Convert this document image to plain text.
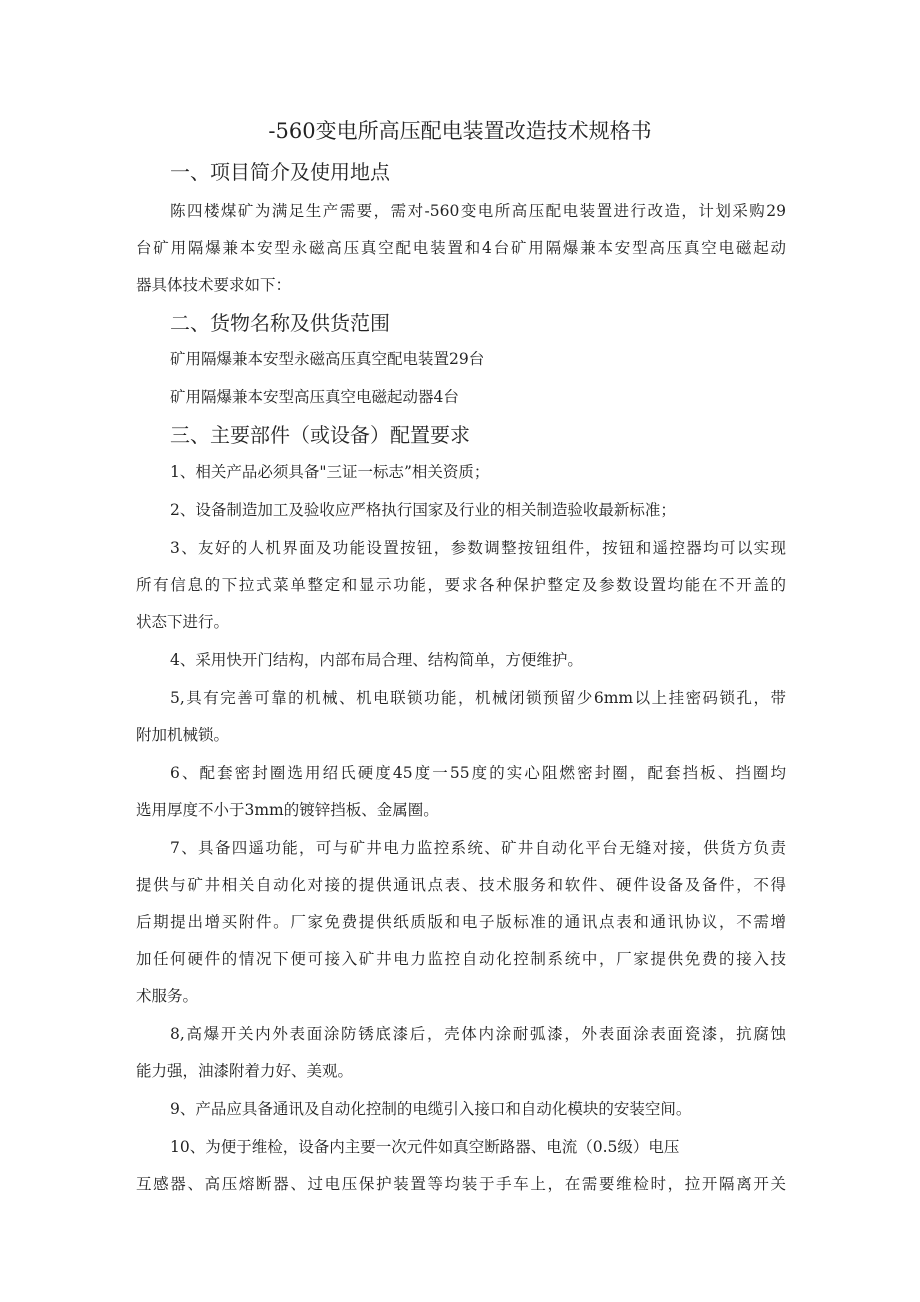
-560变电所高压配电装置改造技术规格书
一、项目简介及使用地点
陈四楼煤矿为满足生产需要，需对-560变电所高压配电装置进行改造，计划采购29
台矿用隔爆兼本安型永磁高压真空配电装置和4台矿用隔爆兼本安型高压真空电磁起动
器具体技术要求如下：
二、货物名称及供货范围
矿用隔爆兼本安型永磁高压真空配电装置29台
矿用隔爆兼本安型高压真空电磁起动器4台
三、主要部件（或设备）配置要求
1、相关产品必须具备"三证一标志”相关资质；
2、设备制造加工及验收应严格执行国家及行业的相关制造验收最新标准；
3、友好的人机界面及功能设置按钮，参数调整按钮组件，按钮和遥控器均可以实现
所有信息的下拉式菜单整定和显示功能，要求各种保护整定及参数设置均能在不开盖的
状态下进行。
4、采用快开门结构，内部布局合理、结构简单，方便维护。
5,具有完善可靠的机械、机电联锁功能，机械闭锁预留少6mm以上挂密码锁孔，带
附加机械锁。
6、配套密封圈选用绍氏硬度45度一55度的实心阻燃密封圈，配套挡板、挡圈均
选用厚度不小于3mm的镀锌挡板、金属圈。
7、具备四遥功能，可与矿井电力监控系统、矿井自动化平台无缝对接，供货方负责
提供与矿井相关自动化对接的提供通讯点表、技术服务和软件、硬件设备及备件，不得
后期提出增买附件。厂家免费提供纸质版和电子版标准的通讯点表和通讯协议，不需增
加任何硬件的情况下便可接入矿井电力监控自动化控制系统中，厂家提供免费的接入技
术服务。
8,高爆开关内外表面涂防锈底漆后，壳体内涂耐弧漆，外表面涂表面瓷漆，抗腐蚀
能力强，油漆附着力好、美观。
9、产品应具备通讯及自动化控制的电缆引入接口和自动化模块的安装空间。
10、为便于维检，设备内主要一次元件如真空断路器、电流（0.5级）电压
互感器、高压熔断器、过电压保护装置等均装于手车上，在需要维检时，拉开隔离开关
